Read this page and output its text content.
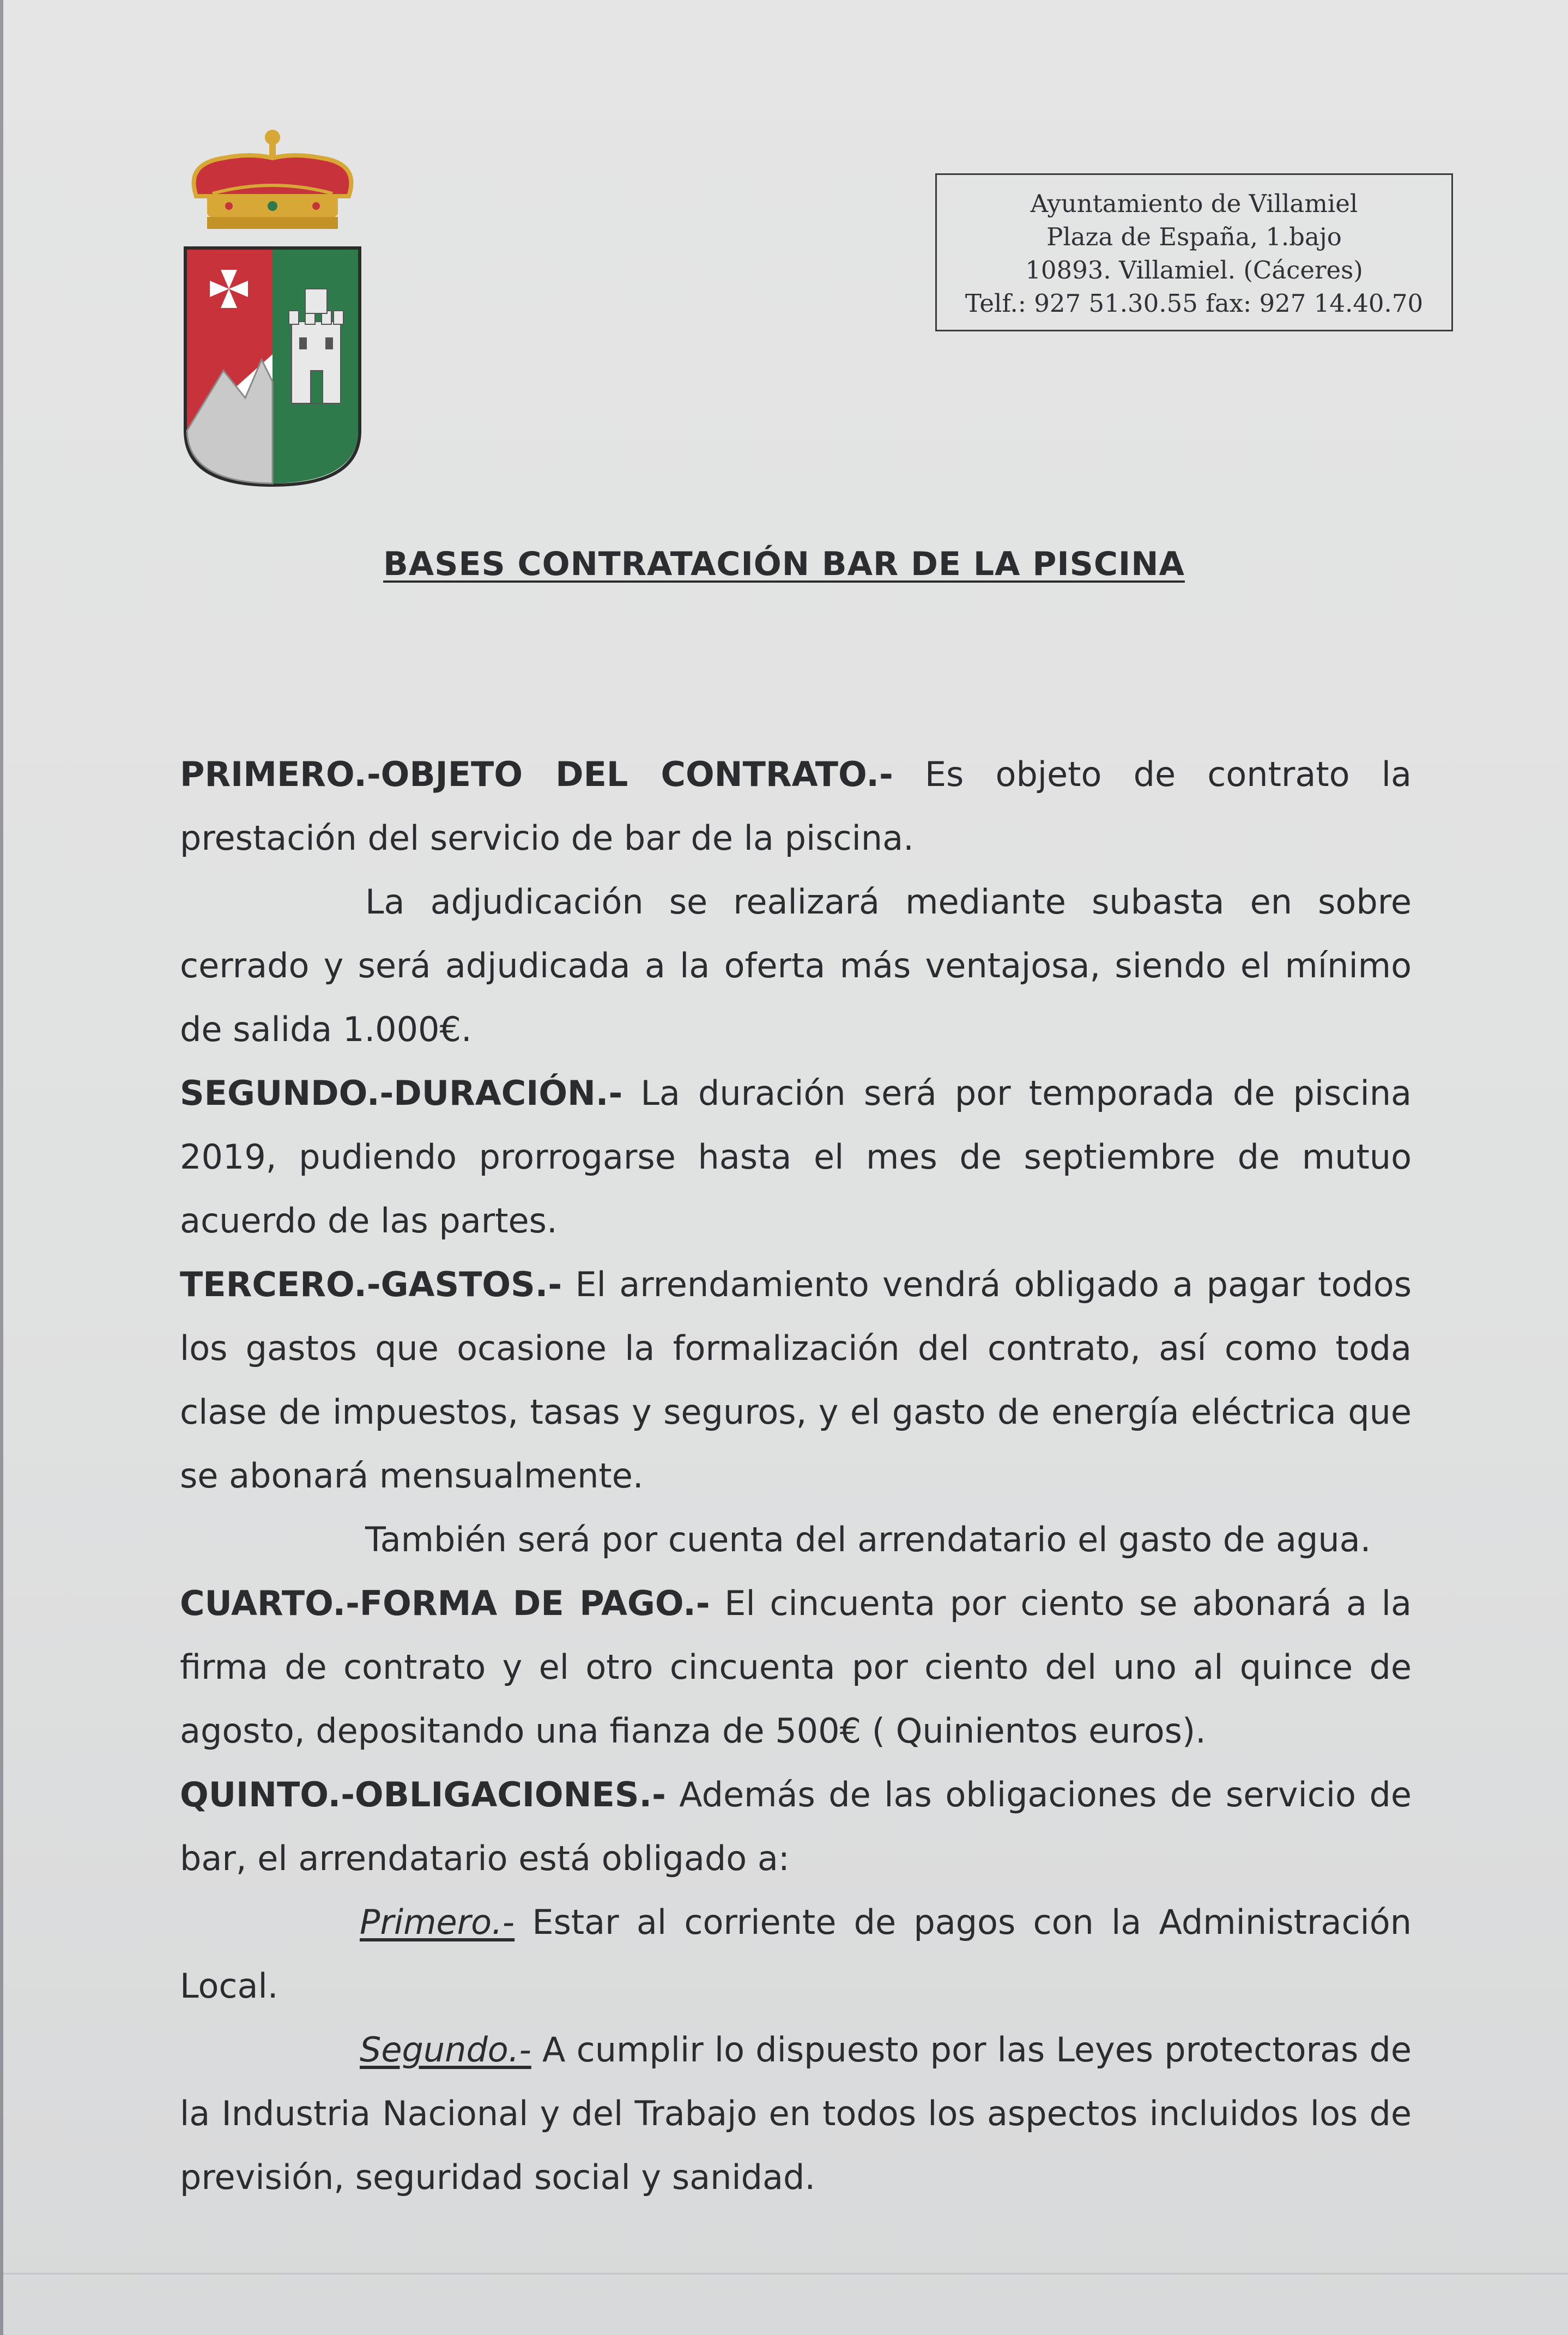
Ayuntamiento de Villamiel
Plaza de España, 1.bajo
10893. Villamiel. (Cáceres)
Telf.: 927 51.30.55 fax: 927 14.40.70
BASES CONTRATACIÓN BAR DE LA PISCINA

PRIMERO.-OBJETO DEL CONTRATO.- Es objeto de contrato la prestación del servicio de bar de la piscina.

La adjudicación se realizará mediante subasta en sobre cerrado y será adjudicada a la oferta más ventajosa, siendo el mínimo de salida 1.000€.

SEGUNDO.-DURACIÓN.- La duración será por temporada de piscina 2019, pudiendo prorrogarse hasta el mes de septiembre de mutuo acuerdo de las partes.

TERCERO.-GASTOS.- El arrendamiento vendrá obligado a pagar todos los gastos que ocasione la formalización del contrato, así como toda clase de impuestos, tasas y seguros, y el gasto de energía eléctrica que se abonará mensualmente.

También será por cuenta del arrendatario el gasto de agua.

CUARTO.-FORMA DE PAGO.- El cincuenta por ciento se abonará a la firma de contrato y el otro cincuenta por ciento del uno al quince de agosto, depositando una fianza de 500€ ( Quinientos euros).

QUINTO.-OBLIGACIONES.- Además de las obligaciones de servicio de bar, el arrendatario está obligado a:

Primero.- Estar al corriente de pagos con la Administración Local.

Segundo.- A cumplir lo dispuesto por las Leyes protectoras de la Industria Nacional y del Trabajo en todos los aspectos incluidos los de previsión, seguridad social y sanidad.
